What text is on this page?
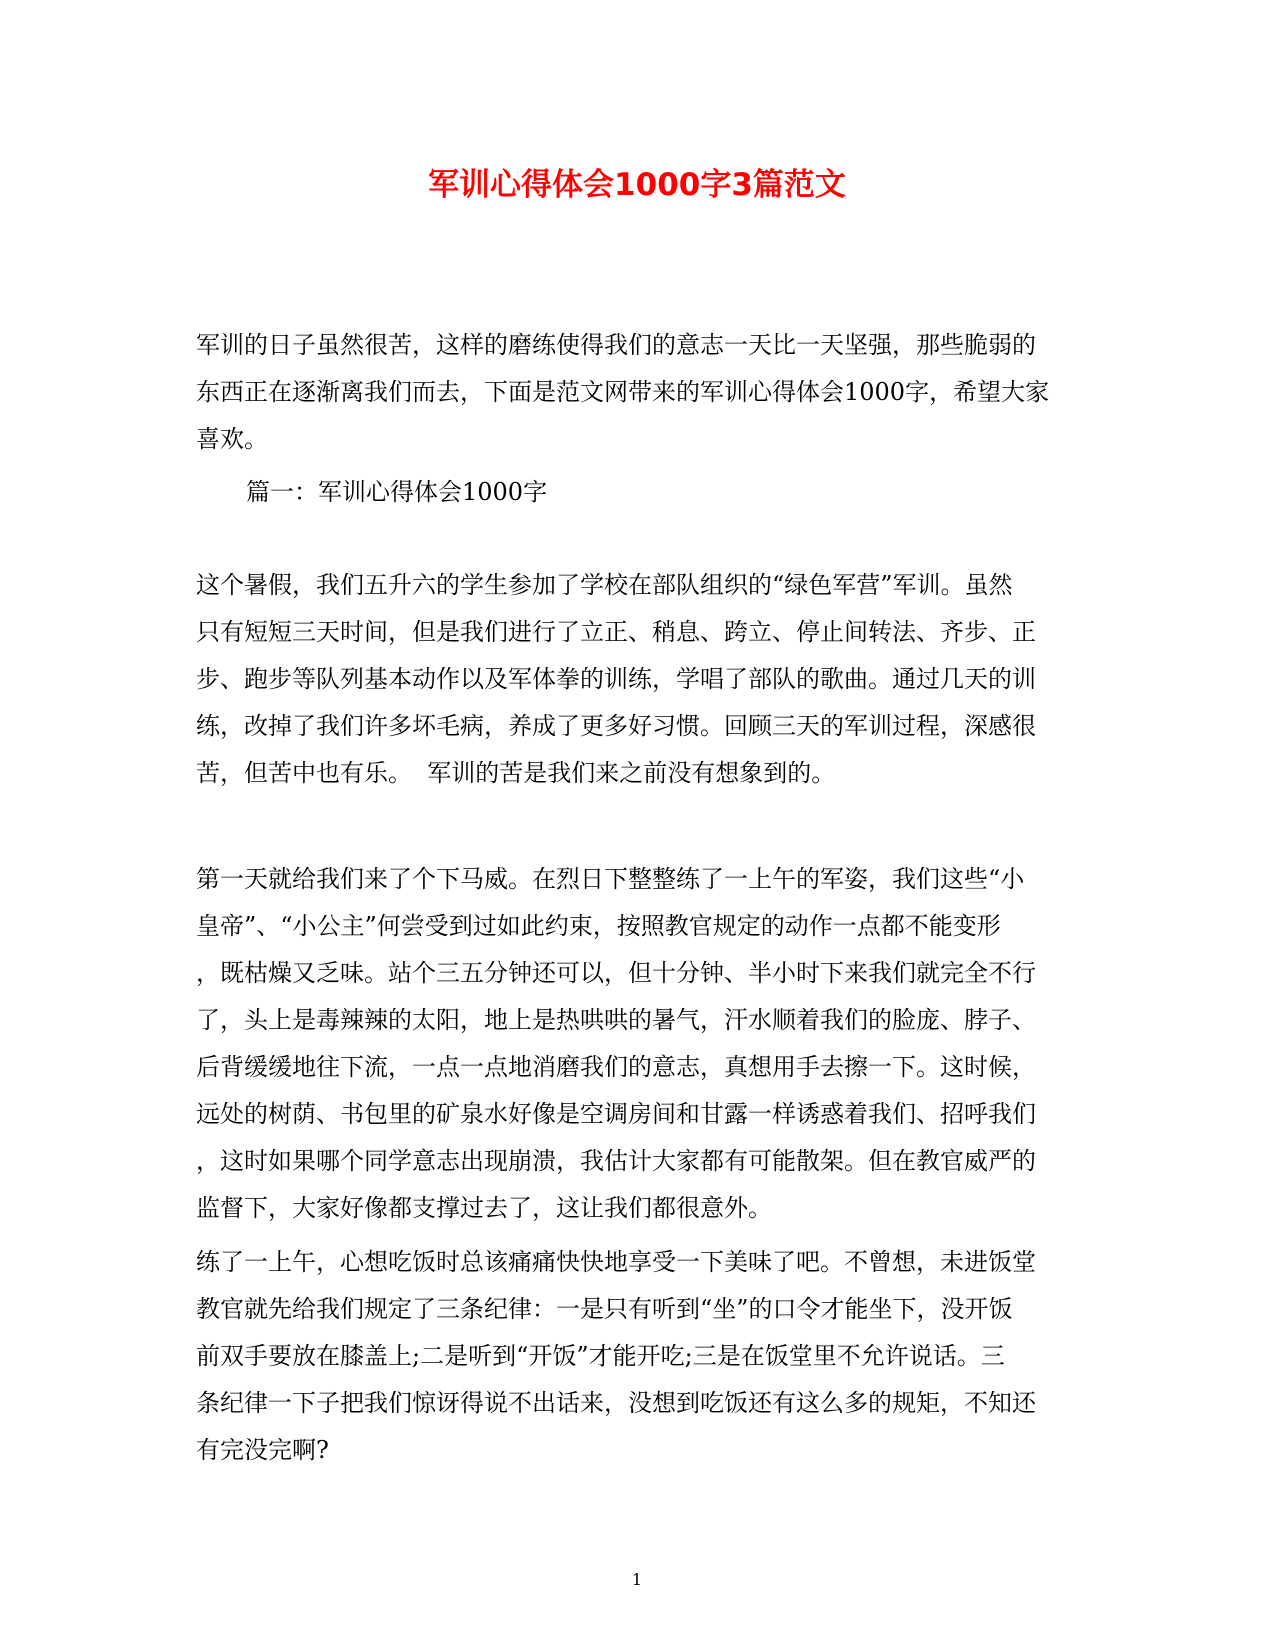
军训心得体会1000字3篇范文

军训的日子虽然很苦，这样的磨练使得我们的意志一天比一天坚强，那些脆弱的
东西正在逐渐离我们而去，下面是范文网带来的军训心得体会1000字，希望大家
喜欢。

篇一：军训心得体会1000字

这个暑假，我们五升六的学生参加了学校在部队组织的“绿色军营”军训。虽然
只有短短三天时间，但是我们进行了立正、稍息、跨立、停止间转法、齐步、正
步、跑步等队列基本动作以及军体拳的训练，学唱了部队的歌曲。通过几天的训
练，改掉了我们许多坏毛病，养成了更多好习惯。回顾三天的军训过程，深感很
苦，但苦中也有乐。  军训的苦是我们来之前没有想象到的。

第一天就给我们来了个下马威。在烈日下整整练了一上午的军姿，我们这些“小
皇帝”、“小公主”何尝受到过如此约束，按照教官规定的动作一点都不能变形
，既枯燥又乏味。站个三五分钟还可以，但十分钟、半小时下来我们就完全不行
了，头上是毒辣辣的太阳，地上是热哄哄的暑气，汗水顺着我们的脸庞、脖子、
后背缓缓地往下流，一点一点地消磨我们的意志，真想用手去擦一下。这时候，
远处的树荫、书包里的矿泉水好像是空调房间和甘露一样诱惑着我们、招呼我们
，这时如果哪个同学意志出现崩溃，我估计大家都有可能散架。但在教官威严的
监督下，大家好像都支撑过去了，这让我们都很意外。

练了一上午，心想吃饭时总该痛痛快快地享受一下美味了吧。不曾想，未进饭堂
教官就先给我们规定了三条纪律：一是只有听到“坐”的口令才能坐下，没开饭
前双手要放在膝盖上;二是听到“开饭”才能开吃;三是在饭堂里不允许说话。三
条纪律一下子把我们惊讶得说不出话来，没想到吃饭还有这么多的规矩，不知还
有完没完啊?

1
